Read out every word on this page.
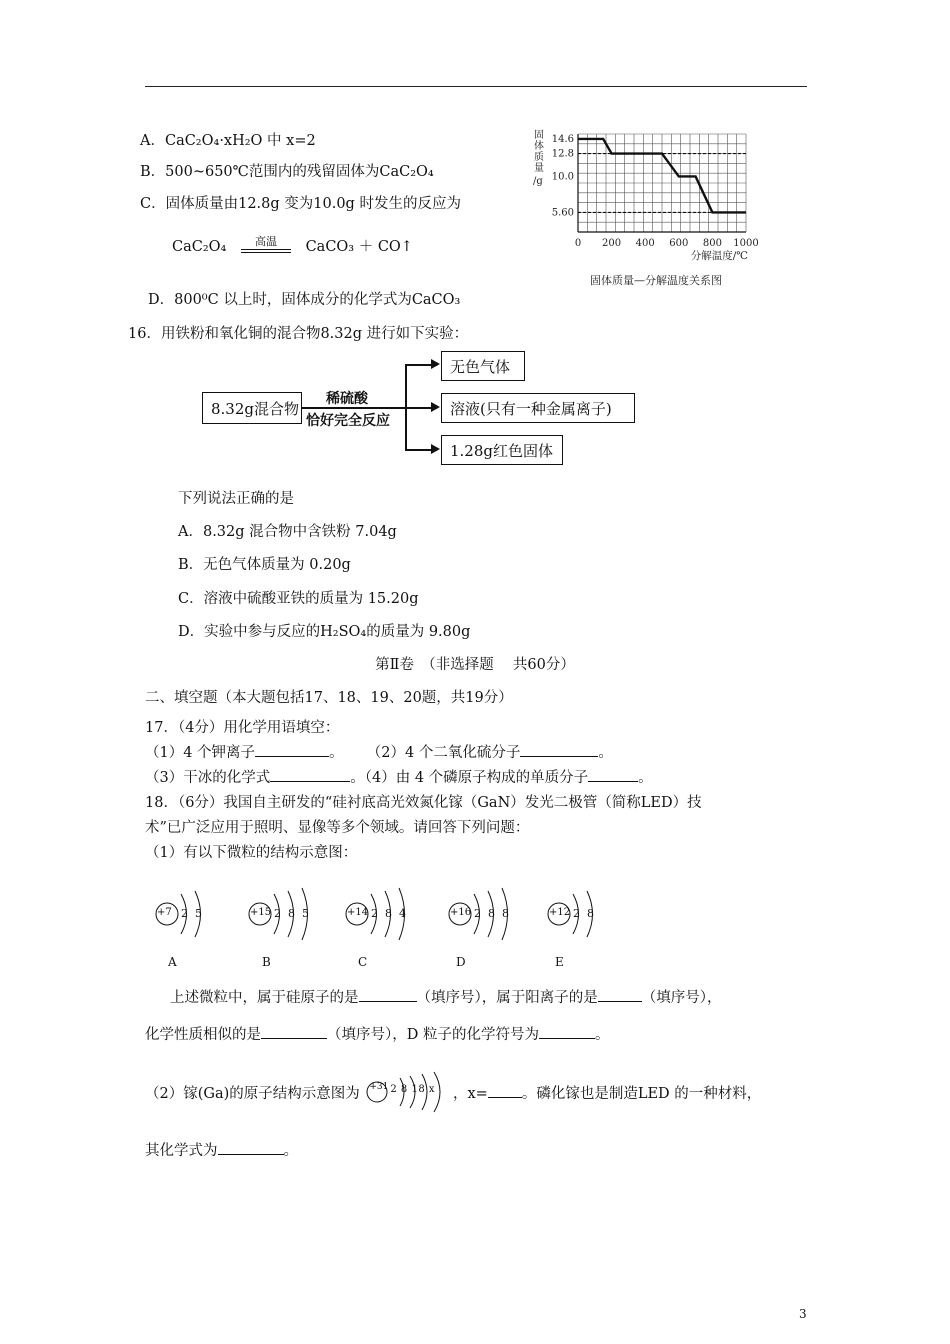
A．CaC₂O₄·xH₂O 中 x=2
B．500~650℃范围内的残留固体为CaC₂O₄
C．固体质量由12.8g 变为10.0g 时发生的反应为
CaC₂O₄	高温 CaCO₃ ＋ CO↑
D．800⁰C 以上时，固体成分的化学式为CaCO₃
14.6
12.8
10.0
5.60
0 200 400 600 800 1000
固
体
质
量
/g
分解温度/℃
固体质量—分解温度关系图
16．用铁粉和氧化铜的混合物8.32g 进行如下实验：
8.32g混合物
稀硫酸
恰好完全反应
无色气体
溶液(只有一种金属离子)
1.28g红色固体
下列说法正确的是
A．8.32g 混合物中含铁粉 7.04g
B．无色气体质量为 0.20g
C．溶液中硫酸亚铁的质量为 15.20g
D．实验中参与反应的H₂SO₄的质量为 9.80g
第Ⅱ卷　（非选择题　 共60分）
二、填空题（本大题包括17、18、19、20题，共19分）
17．（4分）用化学用语填空：
（1）4 个钾离子	。 （2）4 个二氧化硫分子	。
（3）干冰的化学式	。（4）由 4 个磷原子构成的单质分子	。
18．（6分）我国自主研发的“硅衬底高光效氮化镓（GaN）发光二极管（简称LED）技
术”已广泛应用于照明、显像等多个领域。请回答下列问题：
（1）有以下微粒的结构示意图：
+7 2  5
A
+15 2  8  5
B
+14 2  8  4
C
+16 2  8  8
D
+12 2  8
E
上述微粒中，属于硅原子的是	（填序号），属于阳离子的是	（填序号），
化学性质相似的是	（填序号），D 粒子的化学符号为	。
（2）镓(Ga)的原子结构示意图为 +31 2 8 18 x ，x= 。磷化镓也是制造LED 的一种材料，
其化学式为	。
3
